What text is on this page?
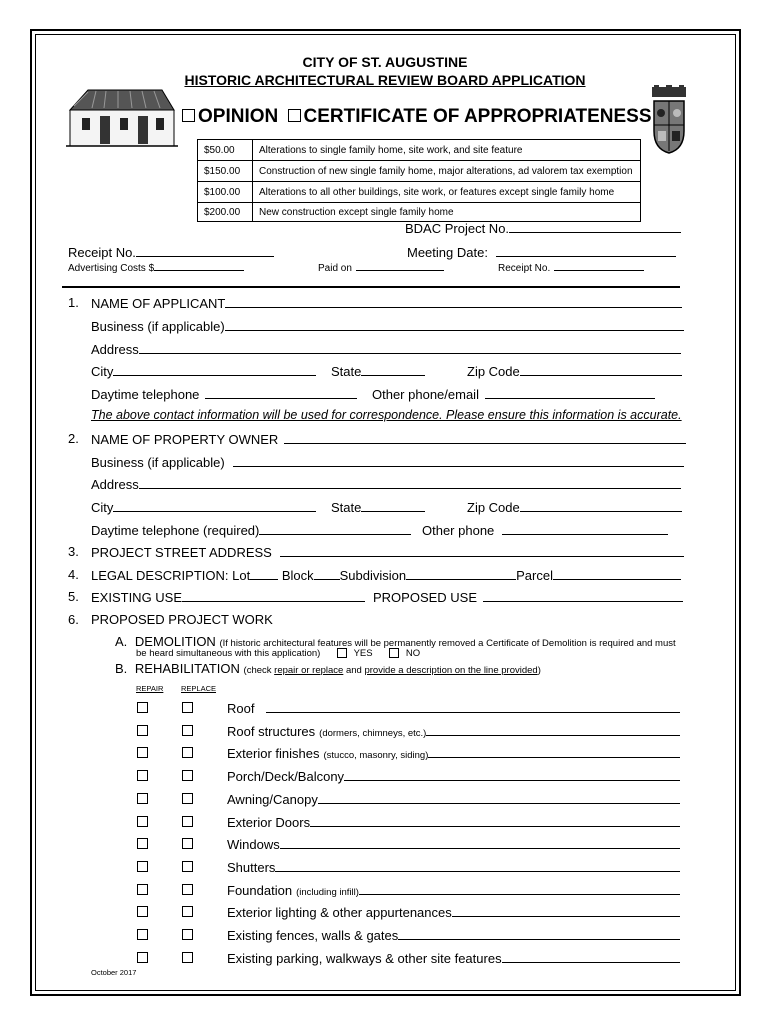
CITY OF ST. AUGUSTINE
HISTORIC ARCHITECTURAL REVIEW BOARD APPLICATION
OPINION CERTIFICATE OF APPROPRIATENESS
$50.00	Alterations to single family home, site work, and site feature
$150.00	Construction of new single family home, major alterations, ad valorem tax exemption
$100.00	Alterations to all other buildings, site work, or features except single family home
$200.00	New construction except single family home
BDAC Project No.
Receipt No.	Meeting Date:
Advertising Costs $	Paid on	Receipt No.
1. NAME OF APPLICANT
Business (if applicable)
Address
City	State	Zip Code
Daytime telephone	Other phone/email
The above contact information will be used for correspondence. Please ensure this information is accurate.
2. NAME OF PROPERTY OWNER
Business (if applicable)
Address
City	State	Zip Code
Daytime telephone (required)	Other phone
3. PROJECT STREET ADDRESS
4. LEGAL DESCRIPTION: Lot Block Subdivision	Parcel
5. EXISTING USE	PROPOSED USE
6. PROPOSED PROJECT WORK
A. DEMOLITION (If historic architectural features will be permanently removed a Certificate of Demolition is required and must
be heard simultaneous with this application)	YES	NO
B. REHABILITATION (check repair or replace and provide a description on the line provided)
REPAIR REPLACE
Roof
Roof structures (dormers, chimneys, etc.)
Exterior finishes (stucco, masonry, siding)
Porch/Deck/Balcony
Awning/Canopy
Exterior Doors
Windows
Shutters
Foundation (including infill)
Exterior lighting & other appurtenances
Existing fences, walls & gates
Existing parking, walkways & other site features
October 2017
